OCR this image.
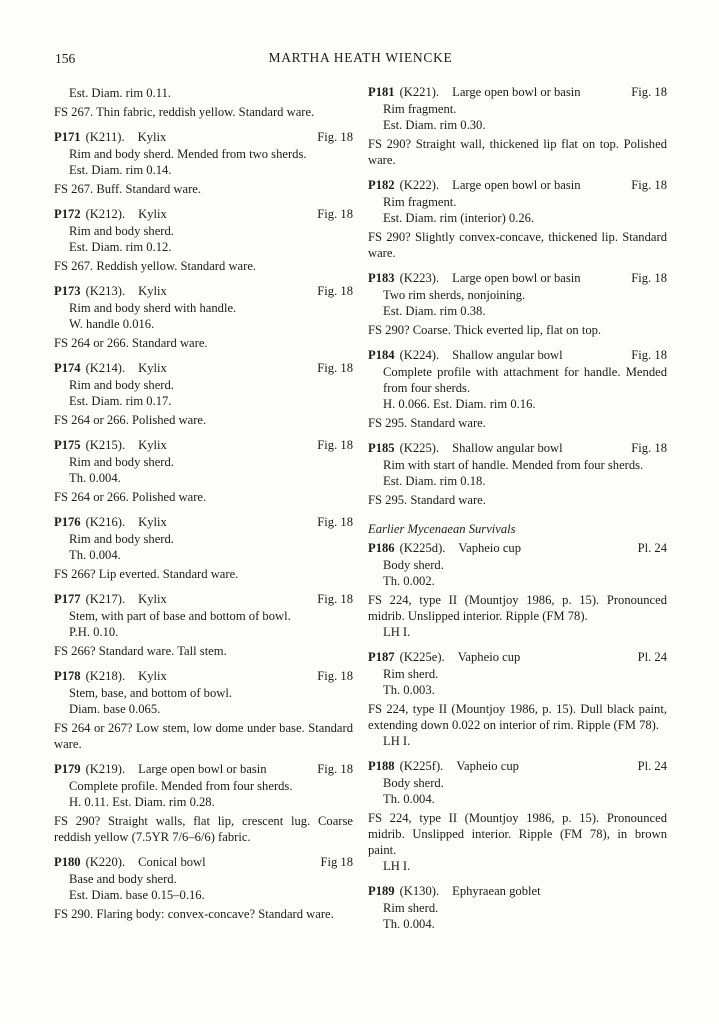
156	MARTHA HEATH WIENCKE
Est. Diam. rim 0.11.
FS 267. Thin fabric, reddish yellow. Standard ware.
P171 (K211). Kylix	Fig. 18
Rim and body sherd. Mended from two sherds.
Est. Diam. rim 0.14.
FS 267. Buff. Standard ware.
P172 (K212). Kylix	Fig. 18
Rim and body sherd.
Est. Diam. rim 0.12.
FS 267. Reddish yellow. Standard ware.
P173 (K213). Kylix	Fig. 18
Rim and body sherd with handle.
W. handle 0.016.
FS 264 or 266. Standard ware.
P174 (K214). Kylix	Fig. 18
Rim and body sherd.
Est. Diam. rim 0.17.
FS 264 or 266. Polished ware.
P175 (K215). Kylix	Fig. 18
Rim and body sherd.
Th. 0.004.
FS 264 or 266. Polished ware.
P176 (K216). Kylix	Fig. 18
Rim and body sherd.
Th. 0.004.
FS 266? Lip everted. Standard ware.
P177 (K217). Kylix	Fig. 18
Stem, with part of base and bottom of bowl.
P.H. 0.10.
FS 266? Standard ware. Tall stem.
P178 (K218). Kylix	Fig. 18
Stem, base, and bottom of bowl.
Diam. base 0.065.
FS 264 or 267? Low stem, low dome under base. Standard ware.
P179 (K219). Large open bowl or basin	Fig. 18
Complete profile. Mended from four sherds.
H. 0.11. Est. Diam. rim 0.28.
FS 290? Straight walls, flat lip, crescent lug. Coarse reddish yellow (7.5YR 7/6–6/6) fabric.
P180 (K220). Conical bowl	Fig 18
Base and body sherd.
Est. Diam. base 0.15–0.16.
FS 290. Flaring body: convex-concave? Standard ware.
P181 (K221). Large open bowl or basin	Fig. 18
Rim fragment.
Est. Diam. rim 0.30.
FS 290? Straight wall, thickened lip flat on top. Polished ware.
P182 (K222). Large open bowl or basin	Fig. 18
Rim fragment.
Est. Diam. rim (interior) 0.26.
FS 290? Slightly convex-concave, thickened lip. Standard ware.
P183 (K223). Large open bowl or basin	Fig. 18
Two rim sherds, nonjoining.
Est. Diam. rim 0.38.
FS 290? Coarse. Thick everted lip, flat on top.
P184 (K224). Shallow angular bowl	Fig. 18
Complete profile with attachment for handle. Mended from four sherds.
H. 0.066. Est. Diam. rim 0.16.
FS 295. Standard ware.
P185 (K225). Shallow angular bowl	Fig. 18
Rim with start of handle. Mended from four sherds.
Est. Diam. rim 0.18.
FS 295. Standard ware.
Earlier Mycenaean Survivals
P186 (K225d). Vapheio cup	Pl. 24
Body sherd.
Th. 0.002.
FS 224, type II (Mountjoy 1986, p. 15). Pronounced midrib. Unslipped interior. Ripple (FM 78).
LH I.
P187 (K225e). Vapheio cup	Pl. 24
Rim sherd.
Th. 0.003.
FS 224, type II (Mountjoy 1986, p. 15). Dull black paint, extending down 0.022 on interior of rim. Ripple (FM 78).
LH I.
P188 (K225f). Vapheio cup	Pl. 24
Body sherd.
Th. 0.004.
FS 224, type II (Mountjoy 1986, p. 15). Pronounced midrib. Unslipped interior. Ripple (FM 78), in brown paint.
LH I.
P189 (K130). Ephyraean goblet
Rim sherd.
Th. 0.004.
